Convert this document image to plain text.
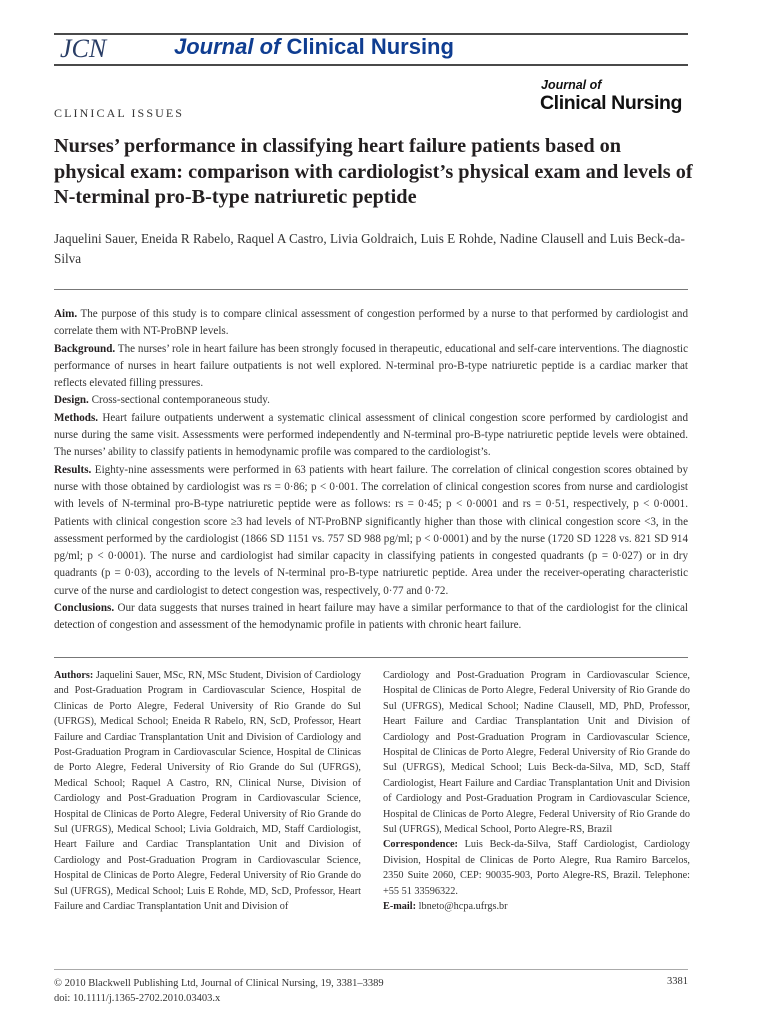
JCN	Journal of Clinical Nursing
Journal of
Clinical Nursing
CLINICAL ISSUES
Nurses’ performance in classifying heart failure patients based on physical exam: comparison with cardiologist’s physical exam and levels of N-terminal pro-B-type natriuretic peptide
Jaquelini Sauer, Eneida R Rabelo, Raquel A Castro, Livia Goldraich, Luis E Rohde, Nadine Clausell and Luis Beck-da-Silva

Aim. The purpose of this study is to compare clinical assessment of congestion performed by a nurse to that performed by cardiologist and correlate them with NT-ProBNP levels.

Background. The nurses’ role in heart failure has been strongly focused in therapeutic, educational and self-care interventions. The diagnostic performance of nurses in heart failure outpatients is not well explored. N-terminal pro-B-type natriuretic peptide is a cardiac marker that reflects elevated filling pressures.

Design. Cross-sectional contemporaneous study.

Methods. Heart failure outpatients underwent a systematic clinical assessment of clinical congestion score performed by cardiologist and nurse during the same visit. Assessments were performed independently and N-terminal pro-B-type natriuretic peptide levels were obtained. The nurses’ ability to classify patients in hemodynamic profile was compared to the cardiologist’s.

Results. Eighty-nine assessments were performed in 63 patients with heart failure. The correlation of clinical congestion scores obtained by nurse with those obtained by cardiologist was rs = 0·86; p < 0·001. The correlation of clinical congestion scores from nurse and cardiologist with levels of N-terminal pro-B-type natriuretic peptide were as follows: rs = 0·45; p < 0·0001 and rs = 0·51, respectively, p < 0·0001. Patients with clinical congestion score ≥3 had levels of NT-ProBNP significantly higher than those with clinical congestion score <3, in the assessment performed by the cardiologist (1866 SD 1151 vs. 757 SD 988 pg/ml; p < 0·0001) and by the nurse (1720 SD 1228 vs. 821 SD 914 pg/ml; p < 0·0001). The nurse and cardiologist had similar capacity in classifying patients in congested quadrants (p = 0·027) or in dry quadrants (p = 0·03), according to the levels of N-terminal pro-B-type natriuretic peptide. Area under the receiver-operating characteristic curve of the nurse and cardiologist to detect congestion was, respectively, 0·77 and 0·72.

Conclusions. Our data suggests that nurses trained in heart failure may have a similar performance to that of the cardiologist for the clinical detection of congestion and assessment of the hemodynamic profile in patients with chronic heart failure.

Authors: Jaquelini Sauer, MSc, RN, MSc Student, Division of Cardiology and Post-Graduation Program in Cardiovascular Science, Hospital de Clinicas de Porto Alegre, Federal University of Rio Grande do Sul (UFRGS), Medical School; Eneida R Rabelo, RN, ScD, Professor, Heart Failure and Cardiac Transplantation Unit and Division of Cardiology and Post-Graduation Program in Cardiovascular Science, Hospital de Clinicas de Porto Alegre, Federal University of Rio Grande do Sul (UFRGS), Medical School; Raquel A Castro, RN, Clinical Nurse, Division of Cardiology and Post-Graduation Program in Cardiovascular Science, Hospital de Clinicas de Porto Alegre, Federal University of Rio Grande do Sul (UFRGS), Medical School; Livia Goldraich, MD, Staff Cardiologist, Heart Failure and Cardiac Transplantation Unit and Division of Cardiology and Post-Graduation Program in Cardiovascular Science, Hospital de Clinicas de Porto Alegre, Federal University of Rio Grande do Sul (UFRGS), Medical School; Luis E Rohde, MD, ScD, Professor, Heart Failure and Cardiac Transplantation Unit and Division of

Cardiology and Post-Graduation Program in Cardiovascular Science, Hospital de Clinicas de Porto Alegre, Federal University of Rio Grande do Sul (UFRGS), Medical School; Nadine Clausell, MD, PhD, Professor, Heart Failure and Cardiac Transplantation Unit and Division of Cardiology and Post-Graduation Program in Cardiovascular Science, Hospital de Clinicas de Porto Alegre, Federal University of Rio Grande do Sul (UFRGS), Medical School; Luis Beck-da-Silva, MD, ScD, Staff Cardiologist, Heart Failure and Cardiac Transplantation Unit and Division of Cardiology and Post-Graduation Program in Cardiovascular Science, Hospital de Clinicas de Porto Alegre, Federal University of Rio Grande do Sul (UFRGS), Medical School, Porto Alegre-RS, Brazil

Correspondence: Luis Beck-da-Silva, Staff Cardiologist, Cardiology Division, Hospital de Clinicas de Porto Alegre, Rua Ramiro Barcelos, 2350 Suite 2060, CEP: 90035-903, Porto Alegre-RS, Brazil. Telephone: +55 51 33596322.

E-mail: lbneto@hcpa.ufrgs.br

© 2010 Blackwell Publishing Ltd, Journal of Clinical Nursing, 19, 3381–3389
doi: 10.1111/j.1365-2702.2010.03403.x
3381
